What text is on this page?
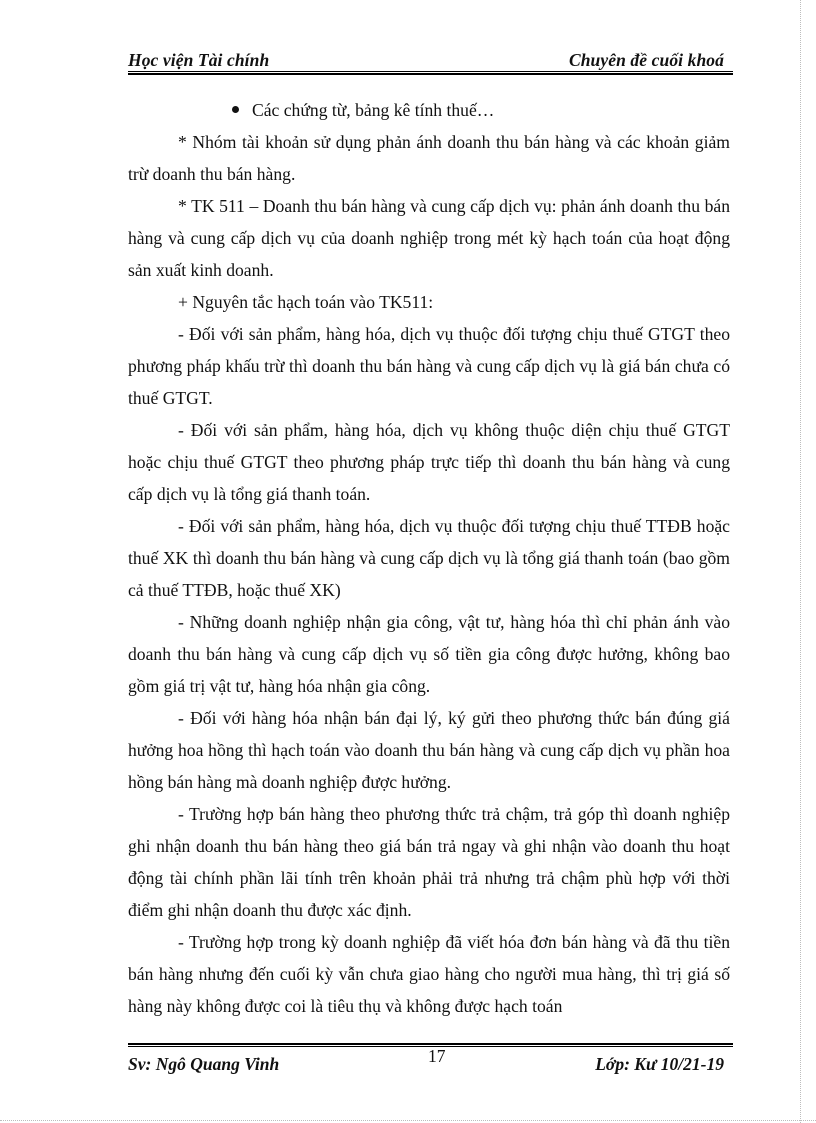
Học viện Tài chính	Chuyên đề cuối khoá
Các chứng từ, bảng kê tính thuế…

* Nhóm tài khoản sử dụng phản ánh doanh thu bán hàng và các khoản giảm trừ doanh thu bán hàng.

* TK 511 – Doanh thu bán hàng và cung cấp dịch vụ: phản ánh doanh thu bán hàng và cung cấp dịch vụ của doanh nghiệp trong mét kỳ hạch toán của hoạt động sản xuất kinh doanh.

+ Nguyên tắc hạch toán vào TK511:

- Đối với sản phẩm, hàng hóa, dịch vụ thuộc đối tượng chịu thuế GTGT theo phương pháp khấu trừ thì doanh thu bán hàng và cung cấp dịch vụ là giá bán chưa có thuế GTGT.

- Đối với sản phẩm, hàng hóa, dịch vụ không thuộc diện chịu thuế GTGT hoặc chịu thuế GTGT theo phương pháp trực tiếp thì doanh thu bán hàng và cung cấp dịch vụ là tổng giá thanh toán.

- Đối với sản phẩm, hàng hóa, dịch vụ thuộc đối tượng chịu thuế TTĐB hoặc thuế XK thì doanh thu bán hàng và cung cấp dịch vụ là tổng giá thanh toán (bao gồm cả thuế TTĐB, hoặc thuế XK)

- Những doanh nghiệp nhận gia công, vật tư, hàng hóa thì chỉ phản ánh vào doanh thu bán hàng và cung cấp dịch vụ số tiền gia công được hưởng, không bao gồm giá trị vật tư, hàng hóa nhận gia công.

- Đối với hàng hóa nhận bán đại lý, ký gửi theo phương thức bán đúng giá hưởng hoa hồng thì hạch toán vào doanh thu bán hàng và cung cấp dịch vụ phần hoa hồng bán hàng mà doanh nghiệp được hưởng.

- Trường hợp bán hàng theo phương thức trả chậm, trả góp thì doanh nghiệp ghi nhận doanh thu bán hàng theo giá bán trả ngay và ghi nhận vào doanh thu hoạt động tài chính phần lãi tính trên khoản phải trả nhưng trả chậm phù hợp với thời điểm ghi nhận doanh thu được xác định.

- Trường hợp trong kỳ doanh nghiệp đã viết hóa đơn bán hàng và đã thu tiền bán hàng nhưng đến cuối kỳ vẫn chưa giao hàng cho người mua hàng, thì trị giá số hàng này không được coi là tiêu thụ và không được hạch toán

17
Sv: Ngô Quang Vinh	Lớp: Kư 10/21-19
